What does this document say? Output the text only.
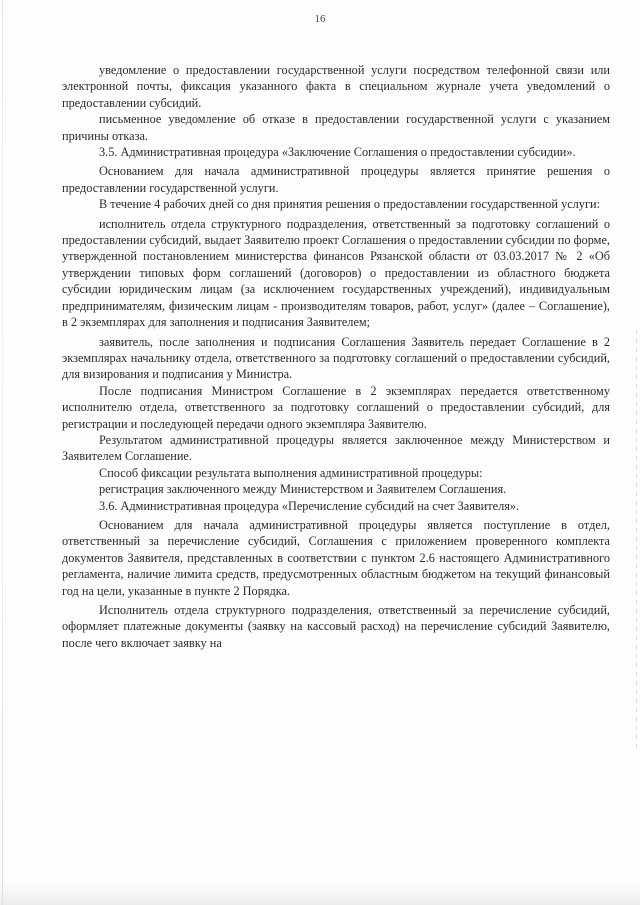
16

уведомление о предоставлении государственной услуги посредством телефонной связи или электронной почты, фиксация указанного факта в специальном журнале учета уведомлений о предоставлении субсидий.

письменное уведомление об отказе в предоставлении государственной услуги с указанием причины отказа.

3.5. Административная процедура «Заключение Соглашения о предоставлении субсидии».

Основанием для начала административной процедуры является принятие решения о предоставлении государственной услуги.

В течение 4 рабочих дней со дня принятия решения о предоставлении государственной услуги:

исполнитель отдела структурного подразделения, ответственный за подготовку соглашений о предоставлении субсидий, выдает Заявителю проект Соглашения о предоставлении субсидии по форме, утвержденной постановлением министерства финансов Рязанской области от 03.03.2017 № 2 «Об утверждении типовых форм соглашений (договоров) о предоставлении из областного бюджета субсидии юридическим лицам (за исключением государственных учреждений), индивидуальным предпринимателям, физическим лицам - производителям товаров, работ, услуг» (далее – Соглашение), в 2 экземплярах для заполнения и подписания Заявителем;

заявитель, после заполнения и подписания Соглашения Заявитель передает Соглашение в 2 экземплярах начальнику отдела, ответственного за подготовку соглашений о предоставлении субсидий, для визирования и подписания у Министра.

После подписания Министром Соглашение в 2 экземплярах передается ответственному исполнителю отдела, ответственного за подготовку соглашений о предоставлении субсидий, для регистрации и последующей передачи одного экземпляра Заявителю.

Результатом административной процедуры является заключенное между Министерством и Заявителем Соглашение.

Способ фиксации результата выполнения административной процедуры:

регистрация заключенного между Министерством и Заявителем Соглашения.

3.6. Административная процедура «Перечисление субсидий на счет Заявителя».

Основанием для начала административной процедуры является поступление в отдел, ответственный за перечисление субсидий, Соглашения с приложением проверенного комплекта документов Заявителя, представленных в соответствии с пунктом 2.6 настоящего Административного регламента, наличие лимита средств, предусмотренных областным бюджетом на текущий финансовый год на цели, указанные в пункте 2 Порядка.

Исполнитель отдела структурного подразделения, ответственный за перечисление субсидий, оформляет платежные документы (заявку на кассовый расход) на перечисление субсидий Заявителю, после чего включает заявку на
